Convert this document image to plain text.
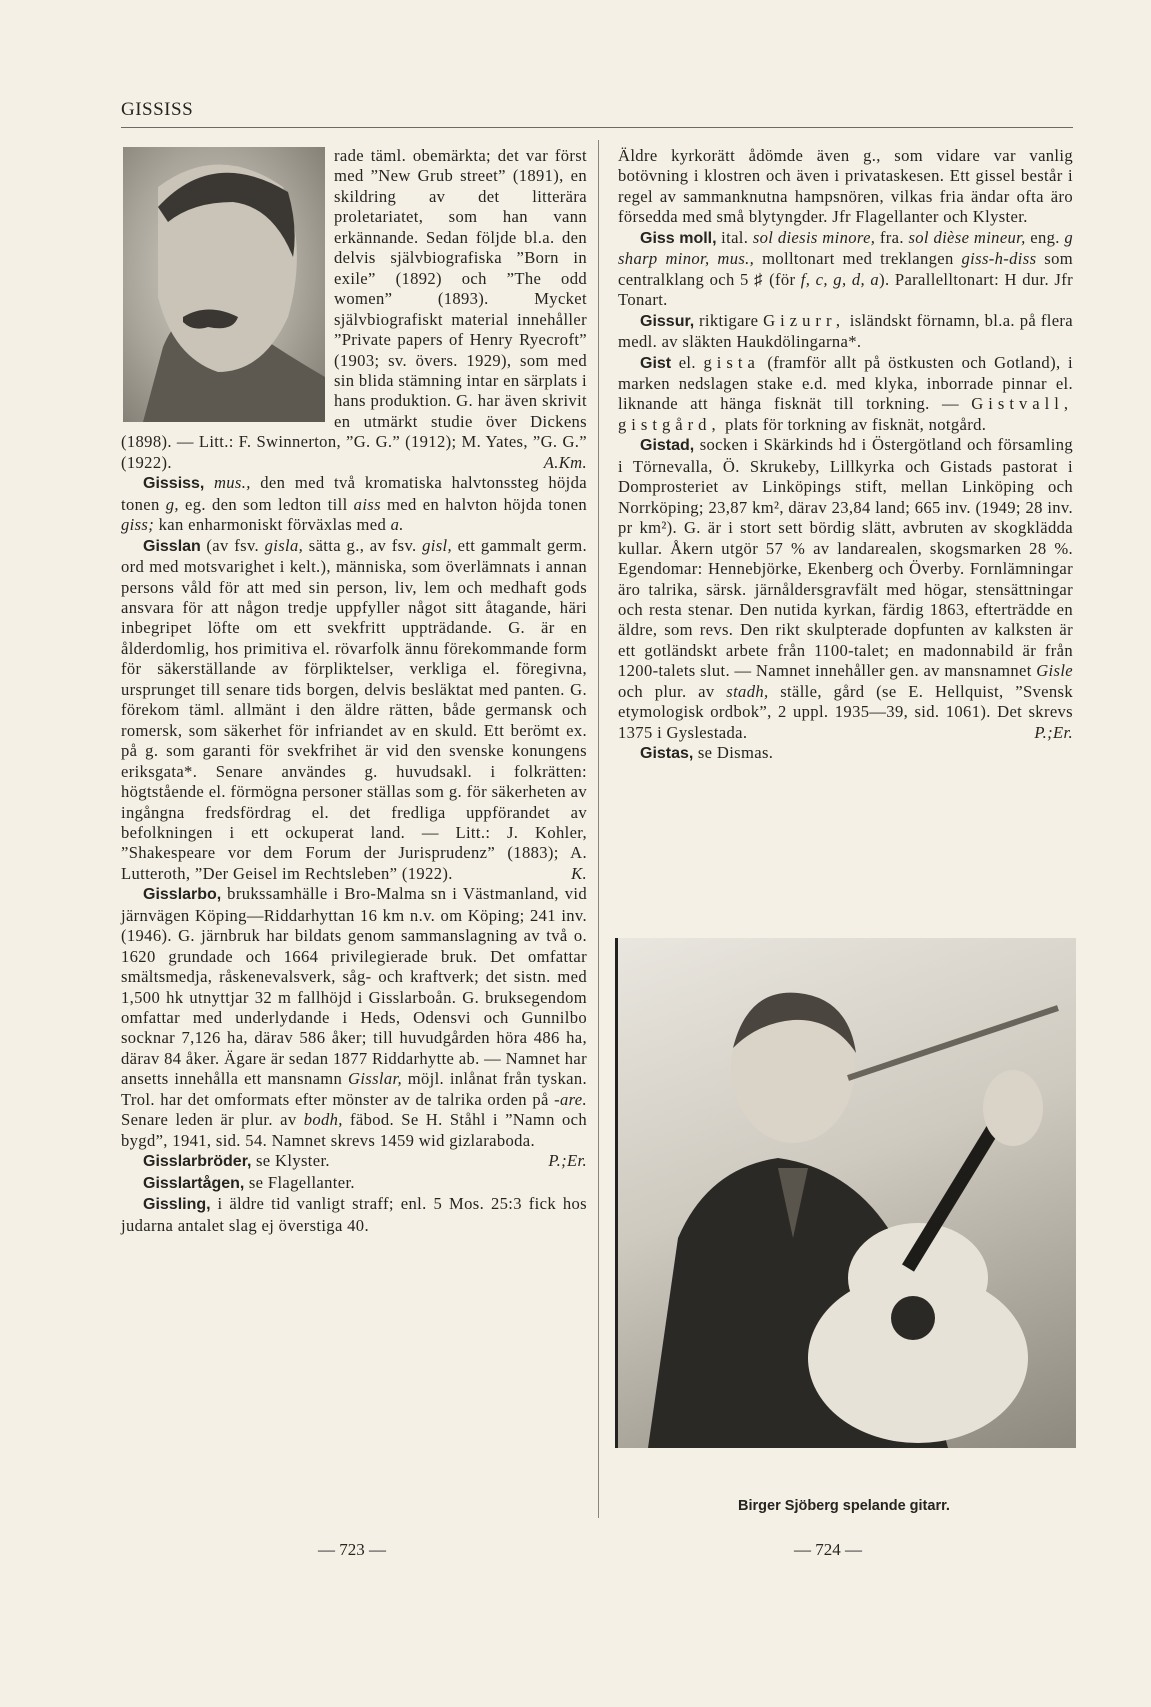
GISSISS

rade täml. obemärkta; det var först med ”New Grub street” (1891), en skildring av det litterära proletariatet, som han vann erkännande. Sedan följde bl.a. den delvis självbiografiska ”Born in exile” (1892) och ”The odd women” (1893). Mycket självbiografiskt material innehåller ”Private papers of Henry Ryecroft” (1903; sv. övers. 1929), som med sin blida stämning intar en särplats i hans produktion. G. har även skrivit en utmärkt studie över Dickens (1898). — Litt.: F. Swinnerton, ”G. G.” (1912); M. Yates, ”G. G.” (1922).	A.Km.

Gississ, mus., den med två kromatiska halvtonssteg höjda tonen g, eg. den som ledton till aiss med en halvton höjda tonen giss; kan enharmoniskt förväxlas med a.

Gisslan (av fsv. gisla, sätta g., av fsv. gisl, ett gammalt germ. ord med motsvarighet i kelt.), människa, som överlämnats i annan persons våld för att med sin person, liv, lem och medhaft gods ansvara för att någon tredje uppfyller något sitt åtagande, häri inbegripet löfte om ett svekfritt uppträdande. G. är en ålderdomlig, hos primitiva el. rövarfolk ännu förekommande form för säkerställande av förpliktelser, verkliga el. föregivna, ursprunget till senare tids borgen, delvis besläktat med panten. G. förekom täml. allmänt i den äldre rätten, både germansk och romersk, som säkerhet för infriandet av en skuld. Ett berömt ex. på g. som garanti för svekfrihet är vid den svenske konungens eriksgata*. Senare användes g. huvudsakl. i folkrätten: högtstående el. förmögna personer ställas som g. för säkerheten av ingångna fredsfördrag el. det fredliga uppförandet av befolkningen i ett ockuperat land. — Litt.: J. Kohler, ”Shakespeare vor dem Forum der Jurisprudenz” (1883); A. Lutteroth, ”Der Geisel im Rechtsleben” (1922).	K.

Gisslarbo, brukssamhälle i Bro-Malma sn i Västmanland, vid järnvägen Köping—Riddarhyttan 16 km n.v. om Köping; 241 inv. (1946). G. järnbruk har bildats genom sammanslagning av två o. 1620 grundade och 1664 privilegierade bruk. Det omfattar smältsmedja, råskenevalsverk, såg- och kraftverk; det sistn. med 1,500 hk utnyttjar 32 m fallhöjd i Gisslarboån. G. bruksegendom omfattar med underlydande i Heds, Odensvi och Gunnilbo socknar 7,126 ha, därav 586 åker; till huvudgården höra 486 ha, därav 84 åker. Ägare är sedan 1877 Riddarhytte ab. — Namnet har ansetts innehålla ett mansnamn Gisslar, möjl. inlånat från tyskan. Trol. har det omformats efter mönster av de talrika orden på -are. Senare leden är plur. av bodh, fäbod. Se H. Ståhl i ”Namn och bygd”, 1941, sid. 54. Namnet skrevs 1459 wid gizlaraboda.
P.;Er.

Gisslarbröder, se Klyster.

Gisslartågen, se Flagellanter.

Gissling, i äldre tid vanligt straff; enl. 5 Mos. 25:3 fick hos judarna antalet slag ej överstiga 40.

Äldre kyrkorätt ådömde även g., som vidare var vanlig botövning i klostren och även i privataskesen. Ett gissel består i regel av sammanknutna hampsnören, vilkas fria ändar ofta äro försedda med små blytyngder. Jfr Flagellanter och Klyster.

Giss moll, ital. sol diesis minore, fra. sol dièse mineur, eng. g sharp minor, mus., molltonart med treklangen giss-h-diss som centralklang och 5 ♯ (för f, c, g, d, a). Parallelltonart: H dur. Jfr Tonart.

Gissur, riktigare Gizurr, isländskt förnamn, bl.a. på flera medl. av släkten Haukdölingarna*.

Gist el. gista (framför allt på östkusten och Gotland), i marken nedslagen stake e.d. med klyka, inborrade pinnar el. liknande att hänga fisknät till torkning. — Gistvall, gistgård, plats för torkning av fisknät, notgård.

Gistad, socken i Skärkinds hd i Östergötland och församling i Törnevalla, Ö. Skrukeby, Lillkyrka och Gistads pastorat i Domprosteriet av Linköpings stift, mellan Linköping och Norrköping; 23,87 km², därav 23,84 land; 665 inv. (1949; 28 inv. pr km²). G. är i stort sett bördig slätt, avbruten av skogklädda kullar. Åkern utgör 57 % av landarealen, skogsmarken 28 %. Egendomar: Hennebjörke, Ekenberg och Överby. Fornlämningar äro talrika, särsk. järnåldersgravfält med högar, stensättningar och resta stenar. Den nutida kyrkan, färdig 1863, efterträdde en äldre, som revs. Den rikt skulpterade dopfunten av kalksten är ett gotländskt arbete från 1100-talet; en madonnabild är från 1200-talets slut. — Namnet innehåller gen. av mansnamnet Gisle och plur. av stadh, ställe, gård (se E. Hellquist, ”Svensk etymologisk ordbok”, 2 uppl. 1935—39, sid. 1061). Det skrevs 1375 i Gyslestada.	P.;Er.

Gistas, se Dismas.

Birger Sjöberg spelande gitarr.
— 723 —	— 724 —
